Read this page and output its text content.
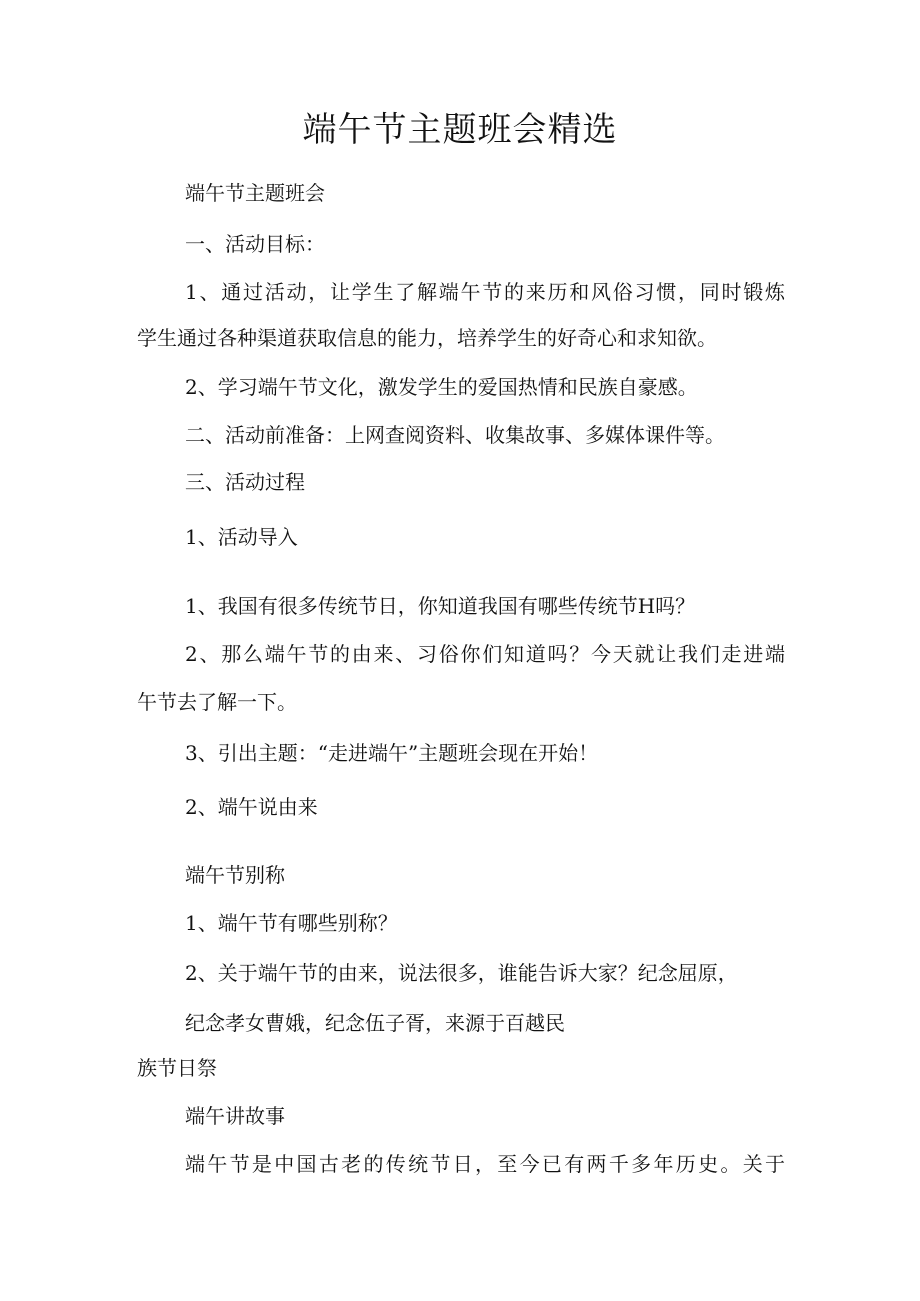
端午节主题班会精选

端午节主题班会

一、活动目标：

1、通过活动，让学生了解端午节的来历和风俗习惯，同时锻炼

学生通过各种渠道获取信息的能力，培养学生的好奇心和求知欲。

2、学习端午节文化，激发学生的爱国热情和民族自豪感。

二、活动前准备：上网查阅资料、收集故事、多媒体课件等。

三、活动过程

1、活动导入

1、我国有很多传统节日，你知道我国有哪些传统节H吗？

2、那么端午节的由来、习俗你们知道吗？今天就让我们走进端

午节去了解一下。

3、引出主题：“走进端午”主题班会现在开始！

2、端午说由来

端午节别称

1、端午节有哪些别称？

2、关于端午节的由来，说法很多，谁能告诉大家？纪念屈原，

纪念孝女曹娥，纪念伍子胥，来源于百越民

族节日祭

端午讲故事

端午节是中国古老的传统节日，至今已有两千多年历史。关于
